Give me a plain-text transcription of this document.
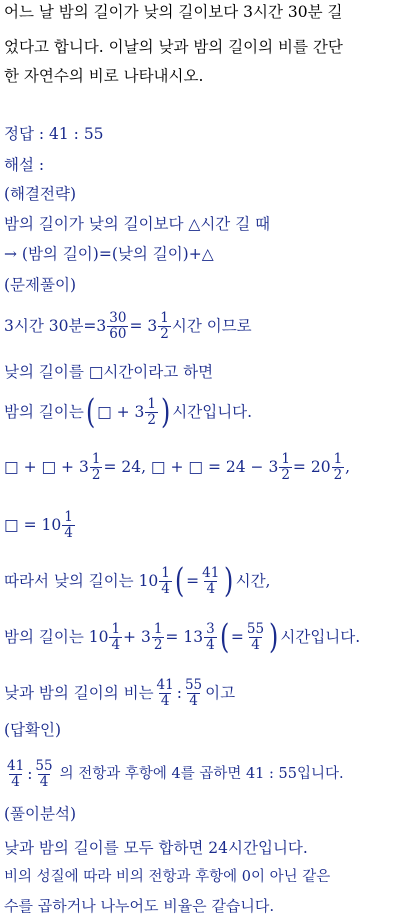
어느 날 밤의 길이가 낮의 길이보다 3시간 30분 길
었다고 합니다. 이날의 낮과 밤의 길이의 비를 간단
한 자연수의 비로 나타내시오.
정답 : 41 : 55
해설 :
(해결전략)
밤의 길이가 낮의 길이보다 △시간 길 때
→ (밤의 길이)=(낮의 길이)+△
(문제풀이)
3시간 30분$=3 \frac{30}{60} = 3 \frac{1}{2}$ 시간 이므로
낮의 길이를 □시간이라고 하면
밤의 길이는 ( □ + $3 \frac{1}{2}$ ) 시간입니다.
□ + □ + $3 \frac{1}{2} = 24$, □ + □ = $24 - 3 \frac{1}{2} = 20 \frac{1}{2}$ ,
□ = $10 \frac{1}{4}$
따라서 낮의 길이는 $10 \frac{1}{4}$ ( = $\frac{41}{4}$ ) 시간,
밤의 길이는 $10 \frac{1}{4} + 3 \frac{1}{2} = 13 \frac{3}{4}$ ( = $\frac{55}{4}$ ) 시간입니다.
낮과 밤의 길이의 비는 $\frac{41}{4}$ : $\frac{55}{4}$ 이고
(답확인)
$\frac{41}{4}$ : $\frac{55}{4}$ 의 전항과 후항에 4를 곱하면 41 : 55입니다.
(풀이분석)
낮과 밤의 길이를 모두 합하면 24시간입니다.
비의 성질에 따라 비의 전항과 후항에 0이 아닌 같은
수를 곱하거나 나누어도 비율은 같습니다.
